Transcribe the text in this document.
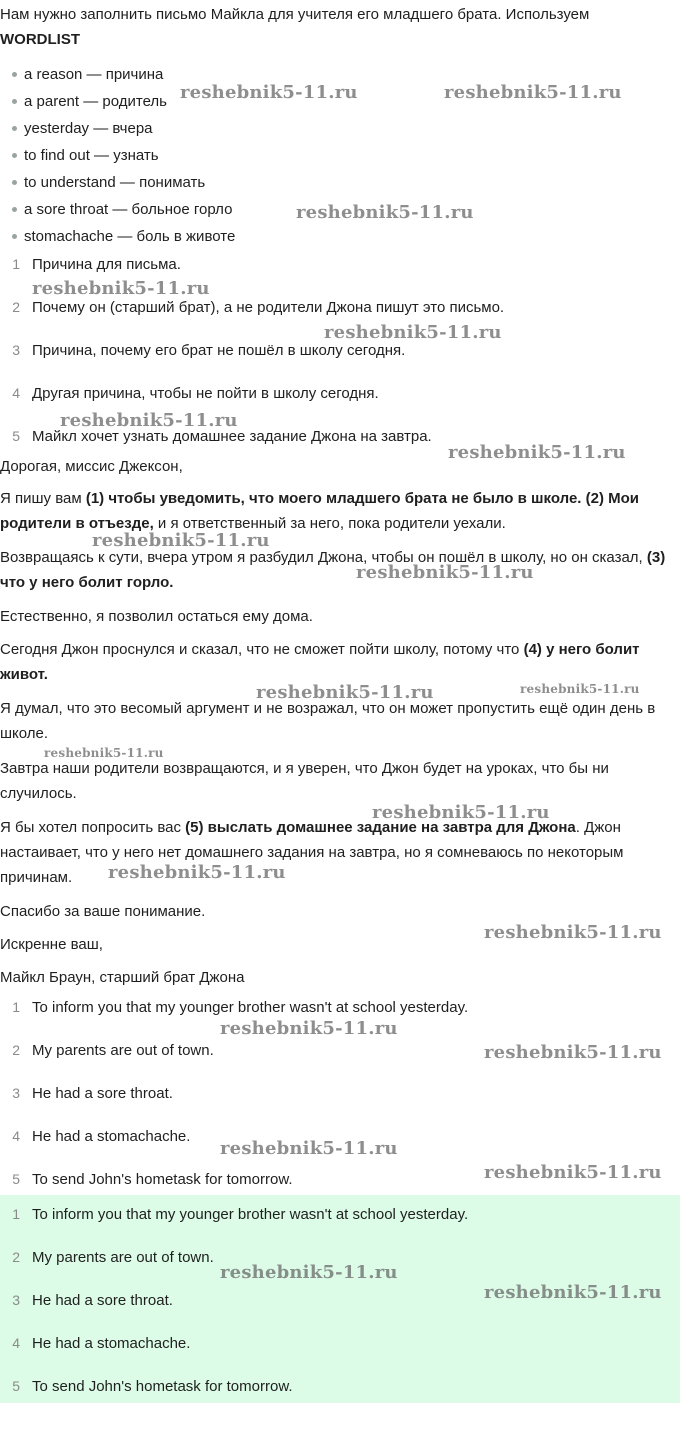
Нам нужно заполнить письмо Майкла для учителя его младшего брата. Используем
WORDLIST

a reason — причина
a parent — родитель
yesterday — вчера
to find out — узнать
to understand — понимать
a sore throat — больное горло
stomachache — боль в животе
1 Причина для письма.
2 Почему он (старший брат), а не родители Джона пишут это письмо.
3 Причина, почему его брат не пошёл в школу сегодня.
4 Другая причина, чтобы не пойти в школу сегодня.
5 Майкл хочет узнать домашнее задание Джона на завтра.

Дорогая, миссис Джексон,

Я пишу вам (1) чтобы уведомить, что моего младшего брата не было в школе. (2) Мои родители в отъезде, и я ответственный за него, пока родители уехали.

Возвращаясь к сути, вчера утром я разбудил Джона, чтобы он пошёл в школу, но он сказал, (3) что у него болит горло.

Естественно, я позволил остаться ему дома.

Сегодня Джон проснулся и сказал, что не сможет пойти школу, потому что (4) у него болит живот.

Я думал, что это весомый аргумент и не возражал, что он может пропустить ещё один день в школе.

Завтра наши родители возвращаются, и я уверен, что Джон будет на уроках, что бы ни случилось.

Я бы хотел попросить вас (5) выслать домашнее задание на завтра для Джона. Джон настаивает, что у него нет домашнего задания на завтра, но я сомневаюсь по некоторым причинам.

Спасибо за ваше понимание.

Искренне ваш,

Майкл Браун, старший брат Джона

1 To inform you that my younger brother wasn't at school yesterday.
2 My parents are out of town.
3 He had a sore throat.
4 He had a stomachache.
5 To send John's hometask for tomorrow.
1 To inform you that my younger brother wasn't at school yesterday.
2 My parents are out of town.
3 He had a sore throat.
4 He had a stomachache.
5 To send John's hometask for tomorrow.
reshebnik5-11.ru	reshebnik5-11.ru
reshebnik5-11.ru
reshebnik5-11.ru
reshebnik5-11.ru
reshebnik5-11.ru
reshebnik5-11.ru
reshebnik5-11.ru
reshebnik5-11.ru
reshebnik5-11.ru	reshebnik5-11.ru
reshebnik5-11.ru
reshebnik5-11.ru
reshebnik5-11.ru
reshebnik5-11.ru
reshebnik5-11.ru
reshebnik5-11.ru
reshebnik5-11.ru
reshebnik5-11.ru
reshebnik5-11.ru
reshebnik5-11.ru
